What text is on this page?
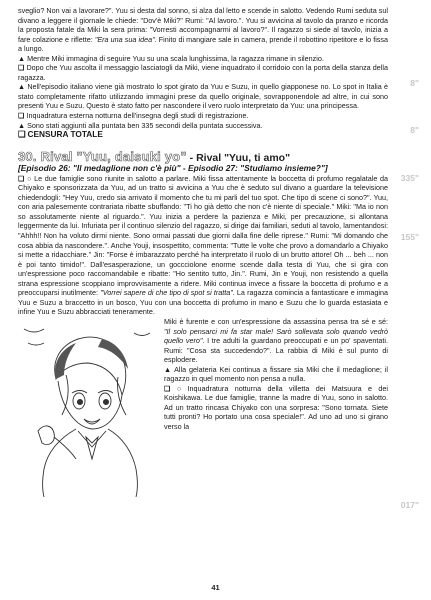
sveglio? Non vai a lavorare?". Yuu si desta dal sonno, si alza dal letto e scende in salotto. Vedendo Rumi seduta sul divano a leggere il giornale le chiede: "Dov'è Miki?" Rumi: "Al lavoro.". Yuu si avvicina al tavolo da pranzo e ricorda la proposta fatale da Miki la sera prima: "Vorresti accompagnarmi al lavoro?". Il ragazzo si siede al tavolo, inizia a fare colazione e riflette: "Era una sua idea". Finito di mangiare sale in camera, prende il robottino ripetitore e lo fissa a lungo.

▲ Mentre Miki immagina di seguire Yuu su una scala lunghissima, la ragazza rimane in silenzio.

❏ Dopo che Yuu ascolta il messaggio lasciatogli da Miki, viene inquadrato il corridoio con la porta della stanza della ragazza.

▲ Nell'episodio italiano viene già mostrato lo spot girato da Yuu e Suzu, in quello giapponese no. Lo spot in Italia è stato completamente rifatto utilizzando immagini prese da quello originale, sovrapponendole ad altre, in cui sono presenti Yuu e Suzu. Questo è stato fatto per nascondere il vero ruolo interpretato da Yuu: una principessa.

❏ Inquadratura esterna notturna dell'insegna degli studi di registrazione.

▲ Sono stati aggiunti alla puntata ben 335 secondi della puntata successiva.

❏ CENSURA TOTALE

30. Rival "Yuu, daisuki yo" - Rival "Yuu, ti amo"
[Episodio 26: "Il medaglione non c'è più" - Episodio 27: "Studiamo insieme?"]

❏ ○ Le due famiglie sono riunite in salotto a parlare. Miki fissa attentamente la boccetta di profumo regalatale da Chiyako e sponsorizzata da Yuu, ad un tratto si avvicina a Yuu che è seduto sul divano a guardare la televisione chiedendogli: "Hey Yuu, credo sia arrivato il momento che tu mi parli del tuo spot. Che tipo di scene ci sono?". Yuu, con aria palesemente contrariata ribatte sbuffando: "Ti ho già detto che non c'è niente di speciale." Miki: "Ma io non so assolutamente niente al riguardo.". Yuu inizia a perdere la pazienza e Miki, per precauzione, si allontana leggermente da lui. Infuriata per il continuo silenzio del ragazzo, si dirige dai familiari, seduti al tavolo, lamentandosi: "Ahhh!! Non ha voluto dirmi niente. Sono ormai passati due giorni dalla fine delle riprese." Rumi: "Mi domando che cosa abbia da nascondere.". Anche Youji, insospettito, commenta: "Tutte le volte che provo a domandarlo a Chiyako si mette a ridacchiare." Jin: "Forse è imbarazzato perché ha interpretato il ruolo di un brutto attore! Oh ... beh ... non è poi tanto timido!". Dall'esasperazione, un goccciolone enorme scende dalla testa di Yuu, che si gira con un'espressione poco raccomandabile e ribatte: "Ho sentito tutto, Jin.". Rumi, Jin e Youji, non resistendo a quella strana espressione scoppiano improvvisamente a ridere. Miki continua invece a fissare la boccetta di profumo e a preoccuparsi inutilmente: "Vorrei sapere di che tipo di spot si tratta". La ragazza comincia a fantasticare e immagina Yuu e Suzu a braccetto in un bosco, Yuu con una boccetta di profumo in mano e Suzu che lo guarda estasiata e infine Yuu e Suzu abbracciati teneramente.

Miki è furente e con un'espressione da assassina pensa tra sé e sé: "Il solo pensarci mi fa star male! Sarò sollevata solo quando vedrò quello vero". I tre adulti la guardano preoccupati e un po' spaventati. Rumi: "Cosa sta succedendo?". La rabbia di Miki è sul punto di esplodere.

▲ Alla gelateria Kei continua a fissare sia Miki che il medaglione; il ragazzo in quel momento non pensa a nulla.

❏ ○ Inquadratura notturna della villetta dei Matsuura e dei Koishikawa. Le due famiglie, tranne la madre di Yuu, sono in salotto. Ad un tratto rincasa Chiyako con una sorpresa: "Sono tornata. Siete tutti pronti? Ho portato una cosa speciale!". Ad uno ad uno si girano verso la

8"
8"
335"
155"
017"
41
